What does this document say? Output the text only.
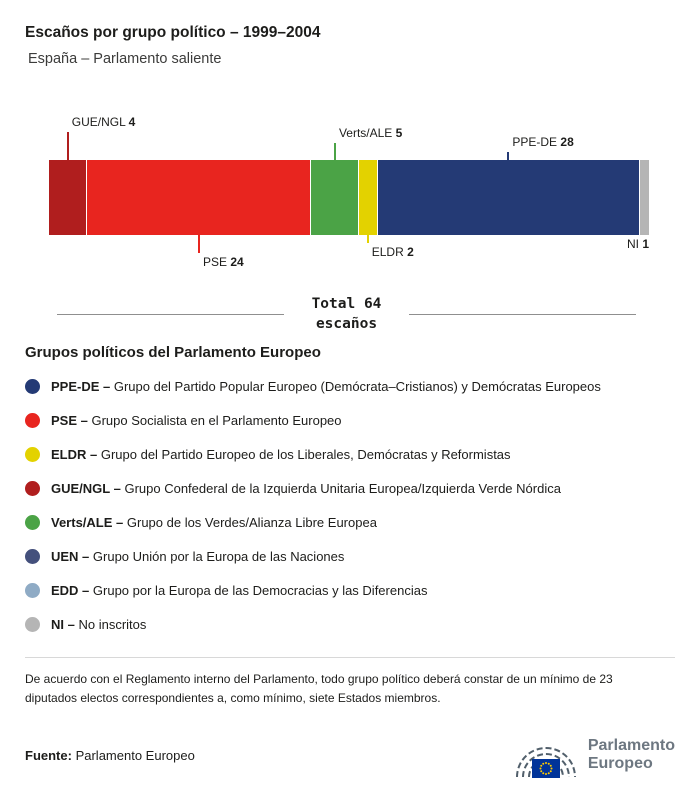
Escaños por grupo político – 1999–2004
España – Parlamento saliente
GUE/NGL 4
PSE 24
Verts/ALE 5
ELDR 2
PPE-DE 28
NI 1
Total 64
escaños
Grupos políticos del Parlamento Europeo
PPE-DE – Grupo del Partido Popular Europeo (Demócrata–Cristianos) y Demócratas Europeos
PSE – Grupo Socialista en el Parlamento Europeo
ELDR – Grupo del Partido Europeo de los Liberales, Demócratas y Reformistas
GUE/NGL – Grupo Confederal de la Izquierda Unitaria Europea/Izquierda Verde Nórdica
Verts/ALE – Grupo de los Verdes/Alianza Libre Europea
UEN – Grupo Unión por la Europa de las Naciones
EDD – Grupo por la Europa de las Democracias y las Diferencias
NI – No inscritos

De acuerdo con el Reglamento interno del Parlamento, todo grupo político deberá constar de un mínimo de 23 diputados electos correspondientes a, como mínimo, siete Estados miembros.

Fuente: Parlamento Europeo
Parlamento
Europeo
